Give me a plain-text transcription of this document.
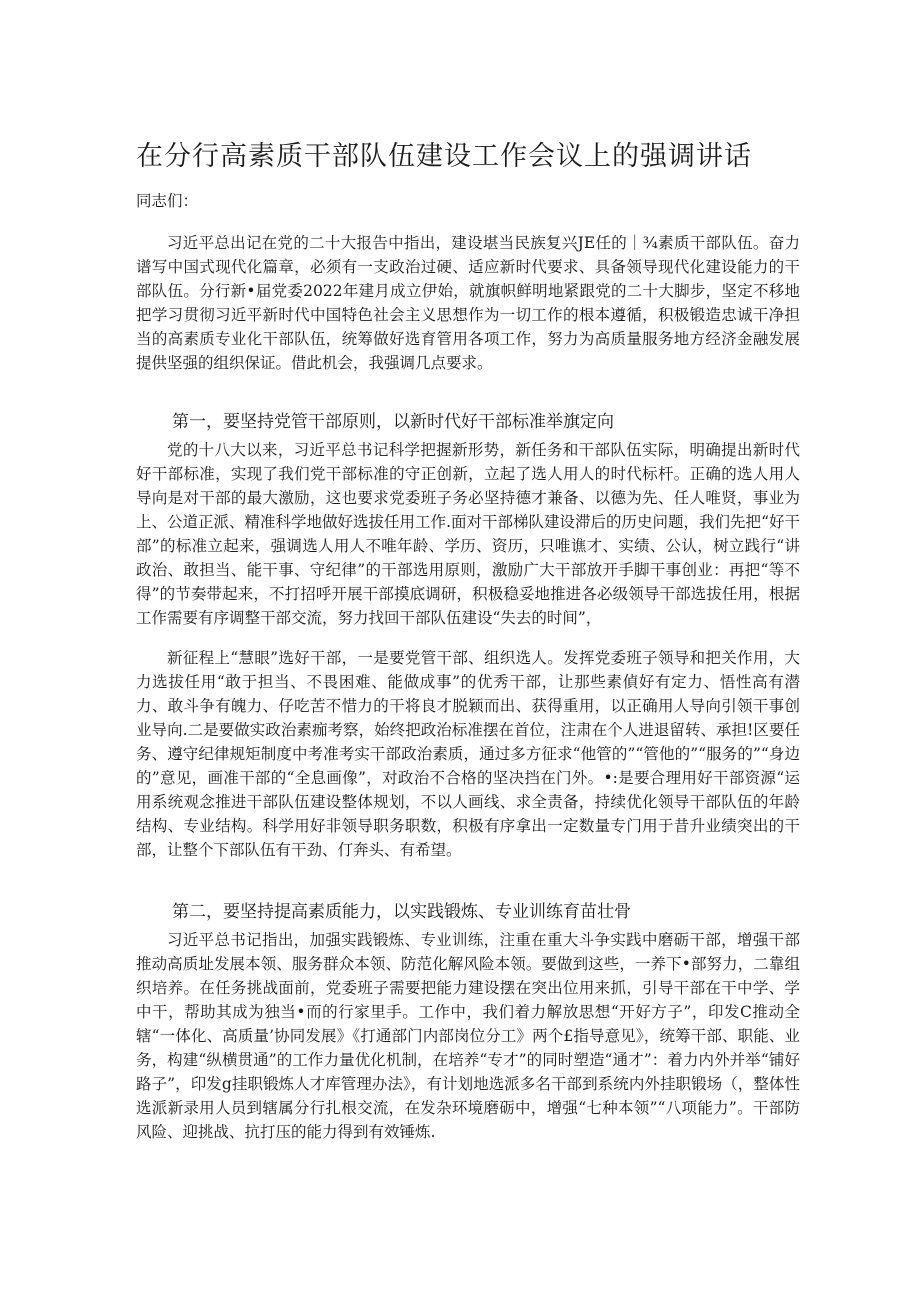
在分行高素质干部队伍建设工作会议上的强调讲话

同志们：

习近平总出记在党的二十大报告中指出，建设堪当民族复兴JE任的｜¾素质干部队伍。奋力谱写中国式现代化篇章，必须有一支政治过硬、适应新时代要求、具备领导现代化建设能力的干部队伍。分行新•届党委2022年建月成立伊始，就旗帜鲜明地紧跟党的二十大脚步，坚定不移地把学习贯彻习近平新时代中国特色社会主义思想作为一切工作的根本遵循，积极锻造忠诚干净担当的高素质专业化干部队伍，统筹做好选育管用各项工作，努力为高质量服务地方经济金融发展提供坚强的组织保证。借此机会，我强调几点要求。

第一，要坚持党管干部原则，以新时代好干部标准举旗定向

党的十八大以来，习近平总书记科学把握新形势，新任务和干部队伍实际，明确提出新时代好干部标准，实现了我们党干部标准的守正创新，立起了选人用人的时代标杆。正确的选人用人导向是对干部的最大激励，这也要求党委班子务必坚持德才兼备、以德为先、任人唯贤，事业为上、公道正派、精准科学地做好选拔任用工作.面对干部梯队建设滞后的历史问题，我们先把“好干部”的标准立起来，强调选人用人不唯年龄、学历、资历，只唯谯才、实绩、公认，树立践行“讲政治、敢担当、能干事、守纪律”的干部选用原则，激励广大干部放开手脚干事创业：再把“等不得”的节奏带起来，不打招呼开展干部摸底调研，积极稳妥地推进各必级领导干部选拔任用，根据工作需要有序调整干部交流，努力找回干部队伍建设“失去的时间”，

新征程上“慧眼”选好干部，一是要党管干部、组织选人。发挥党委班子领导和把关作用，大力选拔任用“敢于担当、不畏困难、能做成事”的优秀干部，让那些素偵好有定力、悟性高有潜力、敢斗争有魄力、仔吃苦不惜力的干将良才脱颖而出、获得重用，以正确用人导向引领干事创业导向.二是要做实政治素痂考察，始终把政治标准摆在首位，注肃在个人进退留转、承担!区要任务、遵守纪律规矩制度中考准考实干部政治素质，通过多方征求“他管的”“管他的”“服务的”“身边的”意见，画准干部的“全息画像”，对政治不合格的坚决挡在门外。•:是要合理用好干部资源“运用系统观念推进干部队伍建设整体规划，不以人画线、求全责备，持续优化领导干部队伍的年龄结构、专业结构。科学用好非领导职务职数，积极有序拿出一定数量专门用于昔升业绩突出的干部，让整个下部队伍有干劲、仃奔头、有希望。

第二，要坚持提高素质能力，以实践锻炼、专业训练育苗壮骨

习近平总书记指出，加强实践锻炼、专业训练，注重在重大斗争实践中磨砺干部，增强干部推动高质址发展本领、服务群众本领、防范化解风险本领。要做到这些，一养下•部努力，二靠组织培养。在任务挑战面前，党委班子需要把能力建设摆在突出位用来抓，引导干部在干中学、学中干，帮助其成为独当•而的行家里手。工作中，我们着力解放思想“开好方子”，印发C推动全辖“一体化、高质量’协同发展》《打通部门内部岗位分工》两个£指导意见》，统筹干部、职能、业务，构建“纵横贯通”的工作力量优化机制，在培养“专才”的同时塑造“通才”：着力内外并举“铺好路子”，印发g挂职锻炼人才库管理办法》，有计划地选派多名干部到系统内外挂职锻场（，整体性选派新录用人员到辖属分行扎根交流，在发杂环境磨砺中，增强“七种本领”“八项能力”。干部防风险、迎挑战、抗打压的能力得到有效锤炼.
